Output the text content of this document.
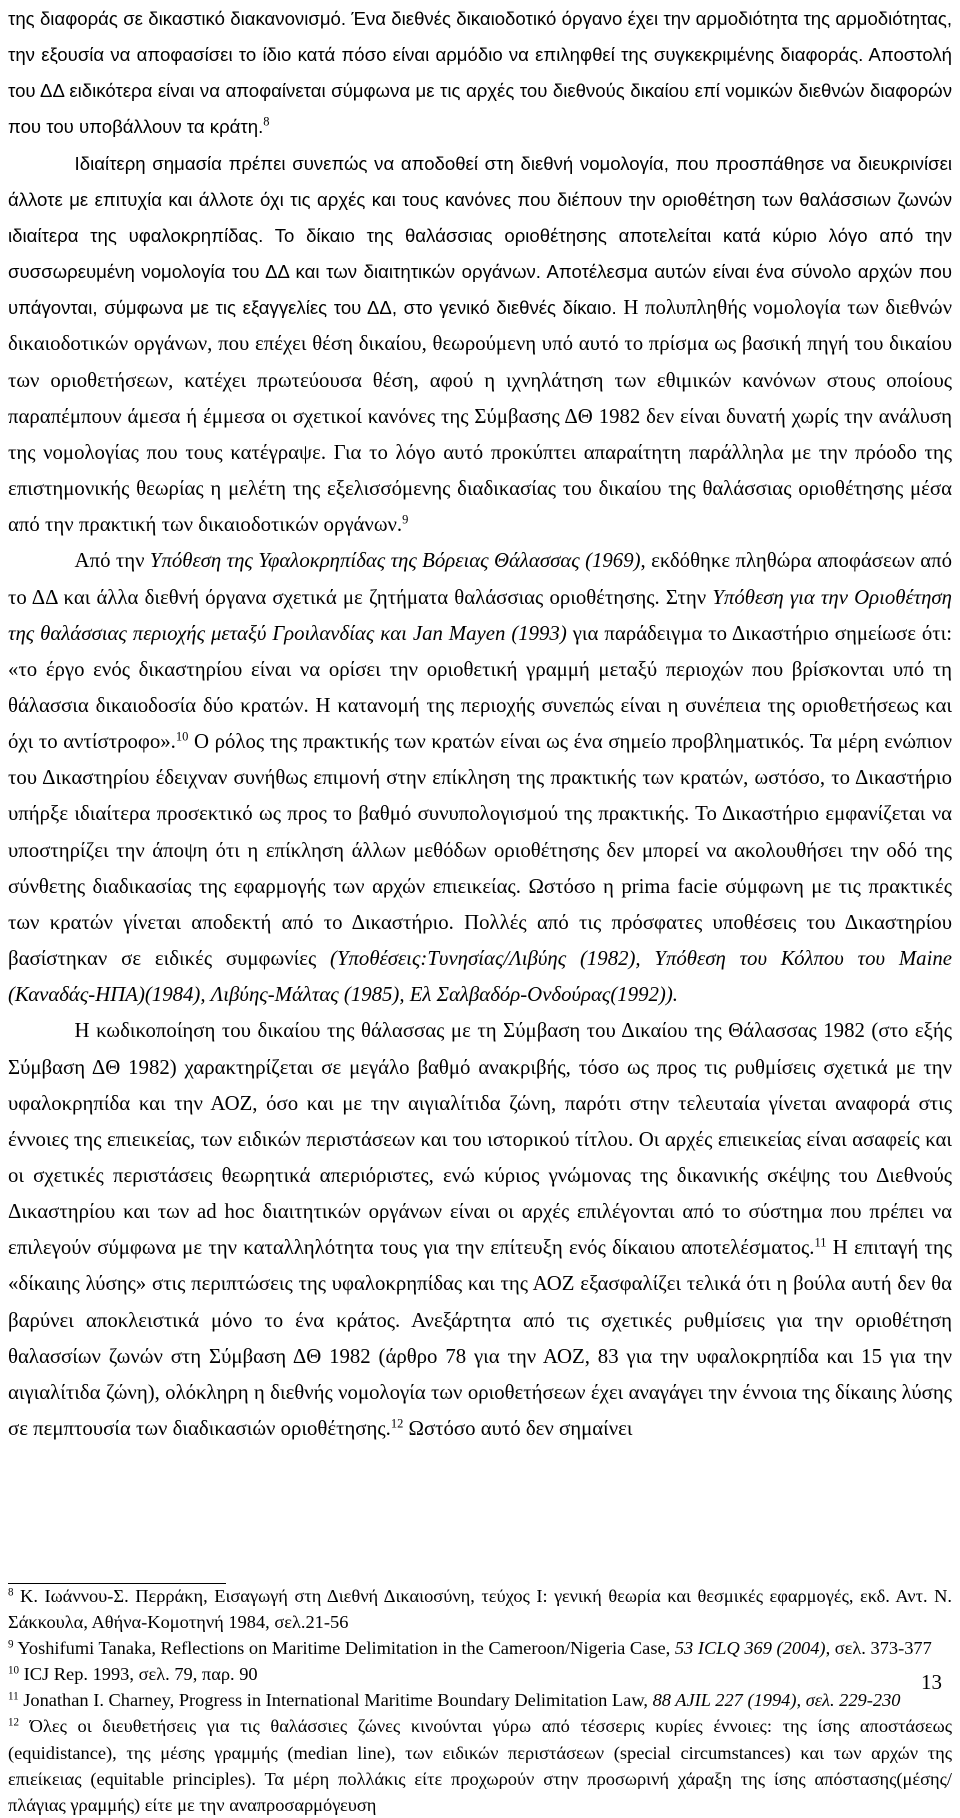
της διαφοράς σε δικαστικό διακανονισμό. Ένα διεθνές δικαιοδοτικό όργανο έχει την αρμοδιότητα της αρμοδιότητας, την εξουσία να αποφασίσει το ίδιο κατά πόσο είναι αρμόδιο να επιληφθεί της συγκεκριμένης διαφοράς. Αποστολή του ΔΔ ειδικότερα είναι να αποφαίνεται σύμφωνα με τις αρχές του διεθνούς δικαίου επί νομικών διεθνών διαφορών που του υποβάλλουν τα κράτη.$^8$

Ιδιαίτερη σημασία πρέπει συνεπώς να αποδοθεί στη διεθνή νομολογία, που προσπάθησε να διευκρινίσει άλλοτε με επιτυχία και άλλοτε όχι τις αρχές και τους κανόνες που διέπουν την οριοθέτηση των θαλάσσιων ζωνών ιδιαίτερα της υφαλοκρηπίδας. Το δίκαιο της θαλάσσιας οριοθέτησης αποτελείται κατά κύριο λόγο από την συσσωρευμένη νομολογία του ΔΔ και των διαιτητικών οργάνων. Αποτέλεσμα αυτών είναι ένα σύνολο αρχών που υπάγονται, σύμφωνα με τις εξαγγελίες του ΔΔ, στο γενικό διεθνές δίκαιο. Η πολυπληθής νομολογία των διεθνών δικαιοδοτικών οργάνων, που επέχει θέση δικαίου, θεωρούμενη υπό αυτό το πρίσμα ως βασική πηγή του δικαίου των οριοθετήσεων, κατέχει πρωτεύουσα θέση, αφού η ιχνηλάτηση των εθιμικών κανόνων στους οποίους παραπέμπουν άμεσα ή έμμεσα οι σχετικοί κανόνες της Σύμβασης ΔΘ 1982 δεν είναι δυνατή χωρίς την ανάλυση της νομολογίας που τους κατέγραψε. Για το λόγο αυτό προκύπτει απαραίτητη παράλληλα με την πρόοδο της επιστημονικής θεωρίας η μελέτη της εξελισσόμενης διαδικασίας του δικαίου της θαλάσσιας οριοθέτησης μέσα από την πρακτική των δικαιοδοτικών οργάνων.$^9$

Από την Υπόθεση της Υφαλοκρηπίδας της Βόρειας Θάλασσας (1969), εκδόθηκε πληθώρα αποφάσεων από το ΔΔ και άλλα διεθνή όργανα σχετικά με ζητήματα θαλάσσιας οριοθέτησης. Στην Υπόθεση για την Οριοθέτηση της θαλάσσιας περιοχής μεταξύ Γροιλανδίας και Jan Mayen (1993) για παράδειγμα το Δικαστήριο σημείωσε ότι: «το έργο ενός δικαστηρίου είναι να ορίσει την οριοθετική γραμμή μεταξύ περιοχών που βρίσκονται υπό τη θάλασσια δικαιοδοσία δύο κρατών. Η κατανομή της περιοχής συνεπώς είναι η συνέπεια της οριοθετήσεως και όχι το αντίστροφο».$^{10}$ Ο ρόλος της πρακτικής των κρατών είναι ως ένα σημείο προβληματικός. Τα μέρη ενώπιον του Δικαστηρίου έδειχναν συνήθως επιμονή στην επίκληση της πρακτικής των κρατών, ωστόσο, το Δικαστήριο υπήρξε ιδιαίτερα προσεκτικό ως προς το βαθμό συνυπολογισμού της πρακτικής. Το Δικαστήριο εμφανίζεται να υποστηρίζει την άποψη ότι η επίκληση άλλων μεθόδων οριοθέτησης δεν μπορεί να ακολουθήσει την οδό της σύνθετης διαδικασίας της εφαρμογής των αρχών επιεικείας. Ωστόσο η prima facie σύμφωνη με τις πρακτικές των κρατών γίνεται αποδεκτή από το Δικαστήριο. Πολλές από τις πρόσφατες υποθέσεις του Δικαστηρίου βασίστηκαν σε ειδικές συμφωνίες (Υποθέσεις:Τυνησίας/Λιβύης (1982), Υπόθεση του Κόλπου του Maine (Καναδάς-ΗΠΑ)(1984), Λιβύης-Μάλτας (1985), Ελ Σαλβαδόρ-Ονδούρας(1992)).

Η κωδικοποίηση του δικαίου της θάλασσας με τη Σύμβαση του Δικαίου της Θάλασσας 1982 (στο εξής Σύμβαση ΔΘ 1982) χαρακτηρίζεται σε μεγάλο βαθμό ανακριβής, τόσο ως προς τις ρυθμίσεις σχετικά με την υφαλοκρηπίδα και την ΑΟΖ, όσο και με την αιγιαλίτιδα ζώνη, παρότι στην τελευταία γίνεται αναφορά στις έννοιες της επιεικείας, των ειδικών περιστάσεων και του ιστορικού τίτλου. Οι αρχές επιεικείας είναι ασαφείς και οι σχετικές περιστάσεις θεωρητικά απεριόριστες, ενώ κύριος γνώμονας της δικανικής σκέψης του Διεθνούς Δικαστηρίου και των ad hoc διαιτητικών οργάνων είναι οι αρχές επιλέγονται από το σύστημα που πρέπει να επιλεγούν σύμφωνα με την καταλληλότητα τους για την επίτευξη ενός δίκαιου αποτελέσματος.$^{11}$ Η επιταγή της «δίκαιης λύσης» στις περιπτώσεις της υφαλοκρηπίδας και της ΑΟΖ εξασφαλίζει τελικά ότι η βούλα αυτή δεν θα βαρύνει αποκλειστικά μόνο το ένα κράτος. Ανεξάρτητα από τις σχετικές ρυθμίσεις για την οριοθέτηση θαλασσίων ζωνών στη Σύμβαση ΔΘ 1982 (άρθρο 78 για την ΑΟΖ, 83 για την υφαλοκρηπίδα και 15 για την αιγιαλίτιδα ζώνη), ολόκληρη η διεθνής νομολογία των οριοθετήσεων έχει αναγάγει την έννοια της δίκαιης λύσης σε πεμπτουσία των διαδικασιών οριοθέτησης.$^{12}$ Ωστόσο αυτό δεν σημαίνει

$^8$ Κ. Ιωάννου-Σ. Περράκη, Εισαγωγή στη Διεθνή Δικαιοσύνη, τεύχος Ι: γενική θεωρία και θεσμικές εφαρμογές, εκδ. Αντ. Ν. Σάκκουλα, Αθήνα-Κομοτηνή 1984, σελ.21-56

$^9$ Yoshifumi Tanaka, Reflections on Maritime Delimitation in the Cameroon/Nigeria Case, 53 ICLQ 369 (2004), σελ. 373-377

$^{10}$ ICJ Rep. 1993, σελ. 79, παρ. 90

$^{11}$ Jonathan I. Charney, Progress in International Maritime Boundary Delimitation Law, 88 AJIL 227 (1994), σελ. 229-230

$^{12}$ Όλες οι διευθετήσεις για τις θαλάσσιες ζώνες κινούνται γύρω από τέσσερις κυρίες έννοιες: της ίσης αποστάσεως (equidistance), της μέσης γραμμής (median line), των ειδικών περιστάσεων (special circumstances) και των αρχών της επιείκειας (equitable principles). Τα μέρη πολλάκις είτε προχωρούν στην προσωρινή χάραξη της ίσης απόστασης(μέσης/πλάγιας γραμμής) είτε με την αναπροσαρμόγευση

13
